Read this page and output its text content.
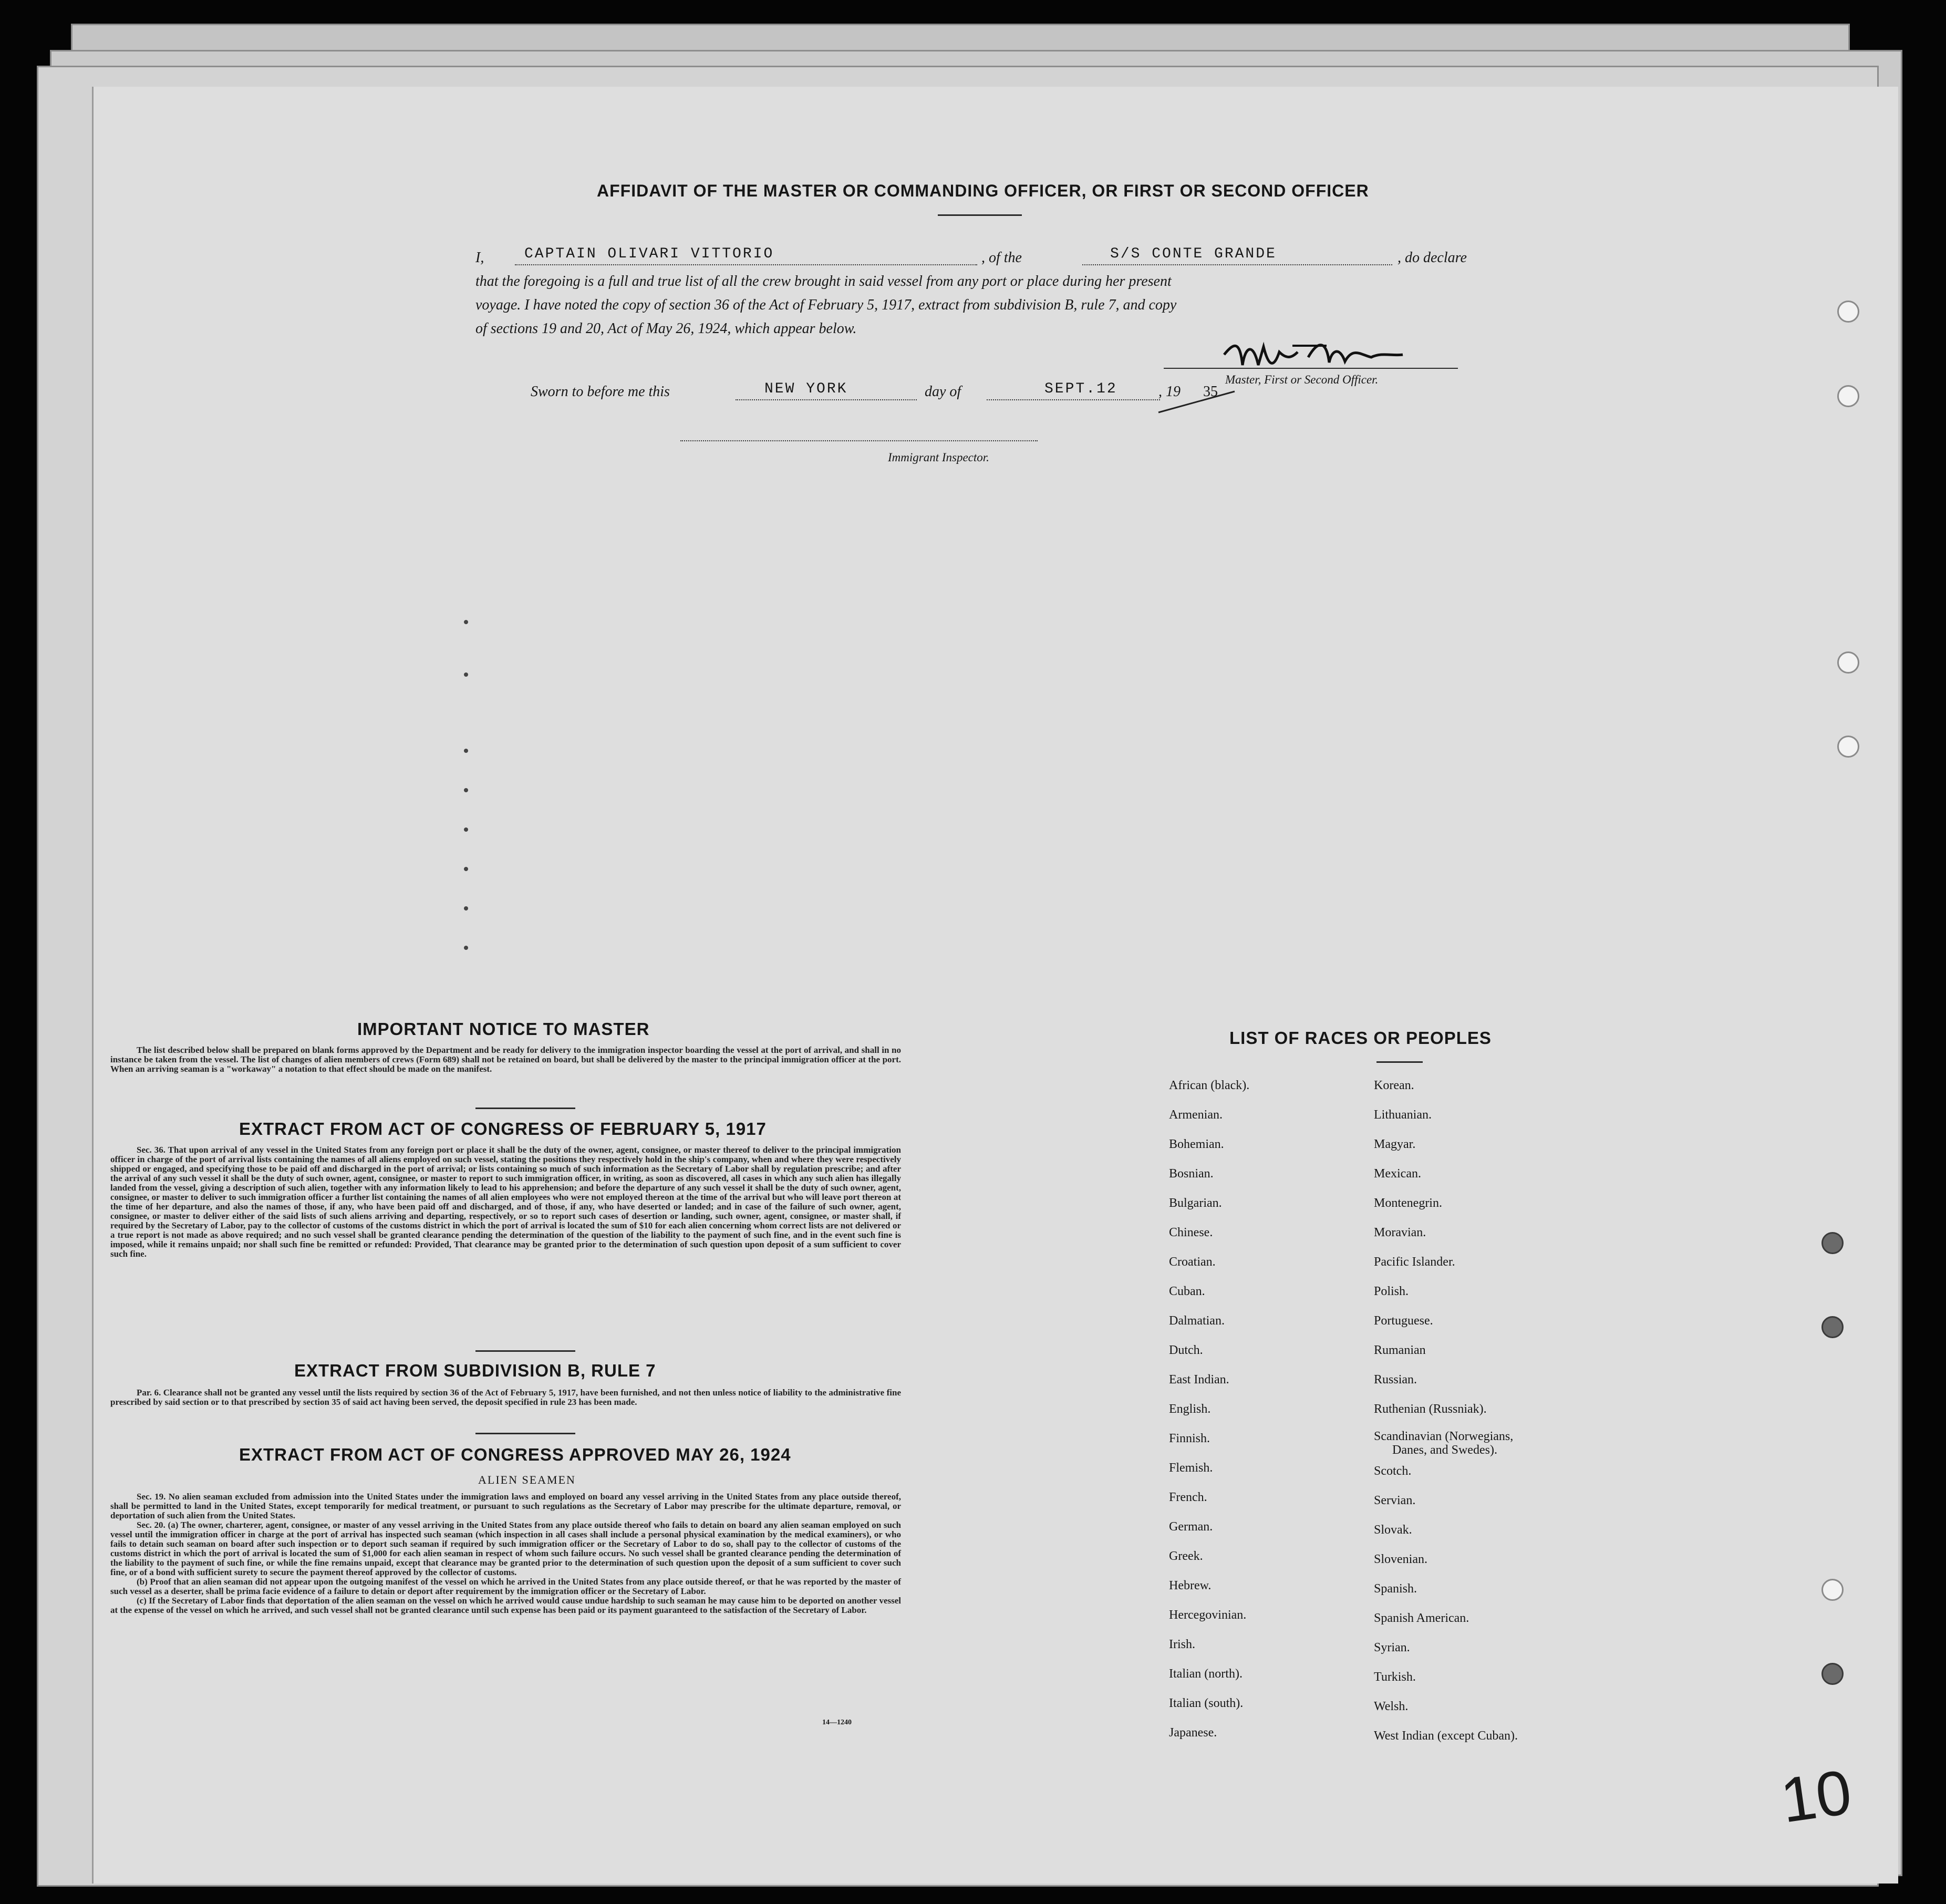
AFFIDAVIT OF THE MASTER OR COMMANDING OFFICER, OR FIRST OR SECOND OFFICER
I,	CAPTAIN OLIVARI VITTORIO	, of the	S/S CONTE GRANDE	, do declare
that the foregoing is a full and true list of all the crew brought in said vessel from any port or place during her present
voyage. I have noted the copy of section 36 of the Act of February 5, 1917, extract from subdivision B, rule 7, and copy
of sections 19 and 20, Act of May 26, 1924, which appear below.
Master, First or Second Officer.
Sworn to before me this	NEW YORK	day of	SEPT.12	, 19 35
Immigrant Inspector.
IMPORTANT NOTICE TO MASTER

The list described below shall be prepared on blank forms approved by the Department and be ready for delivery to the immigration inspector boarding the vessel at the port of arrival, and shall in no instance be taken from the vessel. The list of changes of alien members of crews (Form 689) shall not be retained on board, but shall be delivered by the master to the principal immigration officer at the port. When an arriving seaman is a "workaway" a notation to that effect should be made on the manifest.

EXTRACT FROM ACT OF CONGRESS OF FEBRUARY 5, 1917

Sec. 36. That upon arrival of any vessel in the United States from any foreign port or place it shall be the duty of the owner, agent, consignee, or master thereof to deliver to the principal immigration officer in charge of the port of arrival lists containing the names of all aliens employed on such vessel, stating the positions they respectively hold in the ship's company, when and where they were respectively shipped or engaged, and specifying those to be paid off and discharged in the port of arrival; or lists containing so much of such information as the Secretary of Labor shall by regulation prescribe; and after the arrival of any such vessel it shall be the duty of such owner, agent, consignee, or master to report to such immigration officer, in writing, as soon as discovered, all cases in which any such alien has illegally landed from the vessel, giving a description of such alien, together with any information likely to lead to his apprehension; and before the departure of any such vessel it shall be the duty of such owner, agent, consignee, or master to deliver to such immigration officer a further list containing the names of all alien employees who were not employed thereon at the time of the arrival but who will leave port thereon at the time of her departure, and also the names of those, if any, who have been paid off and discharged, and of those, if any, who have deserted or landed; and in case of the failure of such owner, agent, consignee, or master to deliver either of the said lists of such aliens arriving and departing, respectively, or so to report such cases of desertion or landing, such owner, agent, consignee, or master shall, if required by the Secretary of Labor, pay to the collector of customs of the customs district in which the port of arrival is located the sum of $10 for each alien concerning whom correct lists are not delivered or a true report is not made as above required; and no such vessel shall be granted clearance pending the determination of the question of the liability to the payment of such fine, and in the event such fine is imposed, while it remains unpaid; nor shall such fine be remitted or refunded: Provided, That clearance may be granted prior to the determination of such question upon deposit of a sum sufficient to cover such fine.

EXTRACT FROM SUBDIVISION B, RULE 7

Par. 6. Clearance shall not be granted any vessel until the lists required by section 36 of the Act of February 5, 1917, have been furnished, and not then unless notice of liability to the administrative fine prescribed by said section or to that prescribed by section 35 of said act having been served, the deposit specified in rule 23 has been made.

EXTRACT FROM ACT OF CONGRESS APPROVED MAY 26, 1924
ALIEN SEAMEN

Sec. 19. No alien seaman excluded from admission into the United States under the immigration laws and employed on board any vessel arriving in the United States from any place outside thereof, shall be permitted to land in the United States, except temporarily for medical treatment, or pursuant to such regulations as the Secretary of Labor may prescribe for the ultimate departure, removal, or deportation of such alien from the United States.

Sec. 20. (a) The owner, charterer, agent, consignee, or master of any vessel arriving in the United States from any place outside thereof who fails to detain on board any alien seaman employed on such vessel until the immigration officer in charge at the port of arrival has inspected such seaman (which inspection in all cases shall include a personal physical examination by the medical examiners), or who fails to detain such seaman on board after such inspection or to deport such seaman if required by such immigration officer or the Secretary of Labor to do so, shall pay to the collector of customs of the customs district in which the port of arrival is located the sum of $1,000 for each alien seaman in respect of whom such failure occurs. No such vessel shall be granted clearance pending the determination of the liability to the payment of such fine, or while the fine remains unpaid, except that clearance may be granted prior to the determination of such question upon the deposit of a sum sufficient to cover such fine, or of a bond with sufficient surety to secure the payment thereof approved by the collector of customs.

(b) Proof that an alien seaman did not appear upon the outgoing manifest of the vessel on which he arrived in the United States from any place outside thereof, or that he was reported by the master of such vessel as a deserter, shall be prima facie evidence of a failure to detain or deport after requirement by the immigration officer or the Secretary of Labor.

(c) If the Secretary of Labor finds that deportation of the alien seaman on the vessel on which he arrived would cause undue hardship to such seaman he may cause him to be deported on another vessel at the expense of the vessel on which he arrived, and such vessel shall not be granted clearance until such expense has been paid or its payment guaranteed to the satisfaction of the Secretary of Labor.

14—1240
LIST OF RACES OR PEOPLES
African (black).
Armenian.
Bohemian.
Bosnian.
Bulgarian.
Chinese.
Croatian.
Cuban.
Dalmatian.
Dutch.
East Indian.
English.
Finnish.
Flemish.
French.
German.
Greek.
Hebrew.
Hercegovinian.
Irish.
Italian (north).
Italian (south).
Japanese.
Korean.
Lithuanian.
Magyar.
Mexican.
Montenegrin.
Moravian.
Pacific Islander.
Polish.
Portuguese.
Rumanian
Russian.
Ruthenian (Russniak).
Scandinavian (Norwegians,
Danes, and Swedes).
Scotch.
Servian.
Slovak.
Slovenian.
Spanish.
Spanish American.
Syrian.
Turkish.
Welsh.
West Indian (except Cuban).
10
